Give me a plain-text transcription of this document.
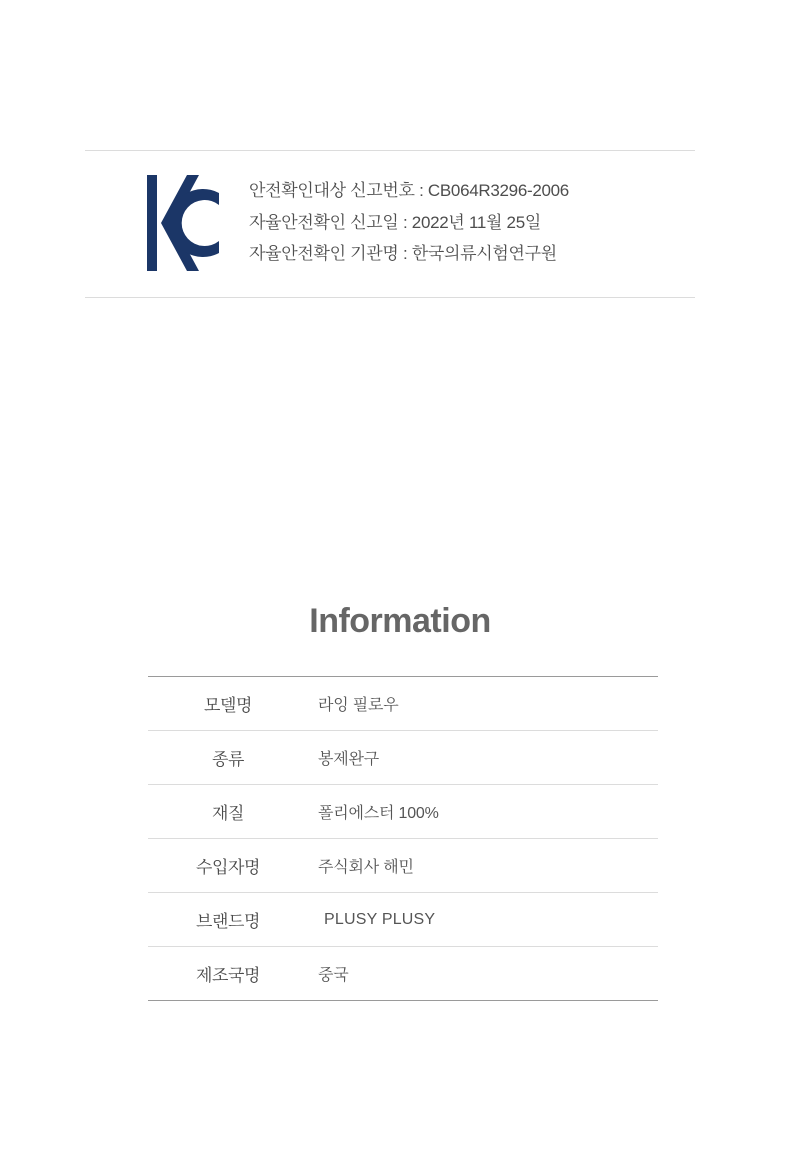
안전확인대상 신고번호 : CB064R3296-2006
자율안전확인 신고일 : 2022년 11월 25일
자율안전확인 기관명 : 한국의류시험연구원
Information
모델명	라잉 필로우
종류	봉제완구
재질	폴리에스터 100%
수입자명	주식회사 해민
브랜드명	PLUSY PLUSY
제조국명	중국
